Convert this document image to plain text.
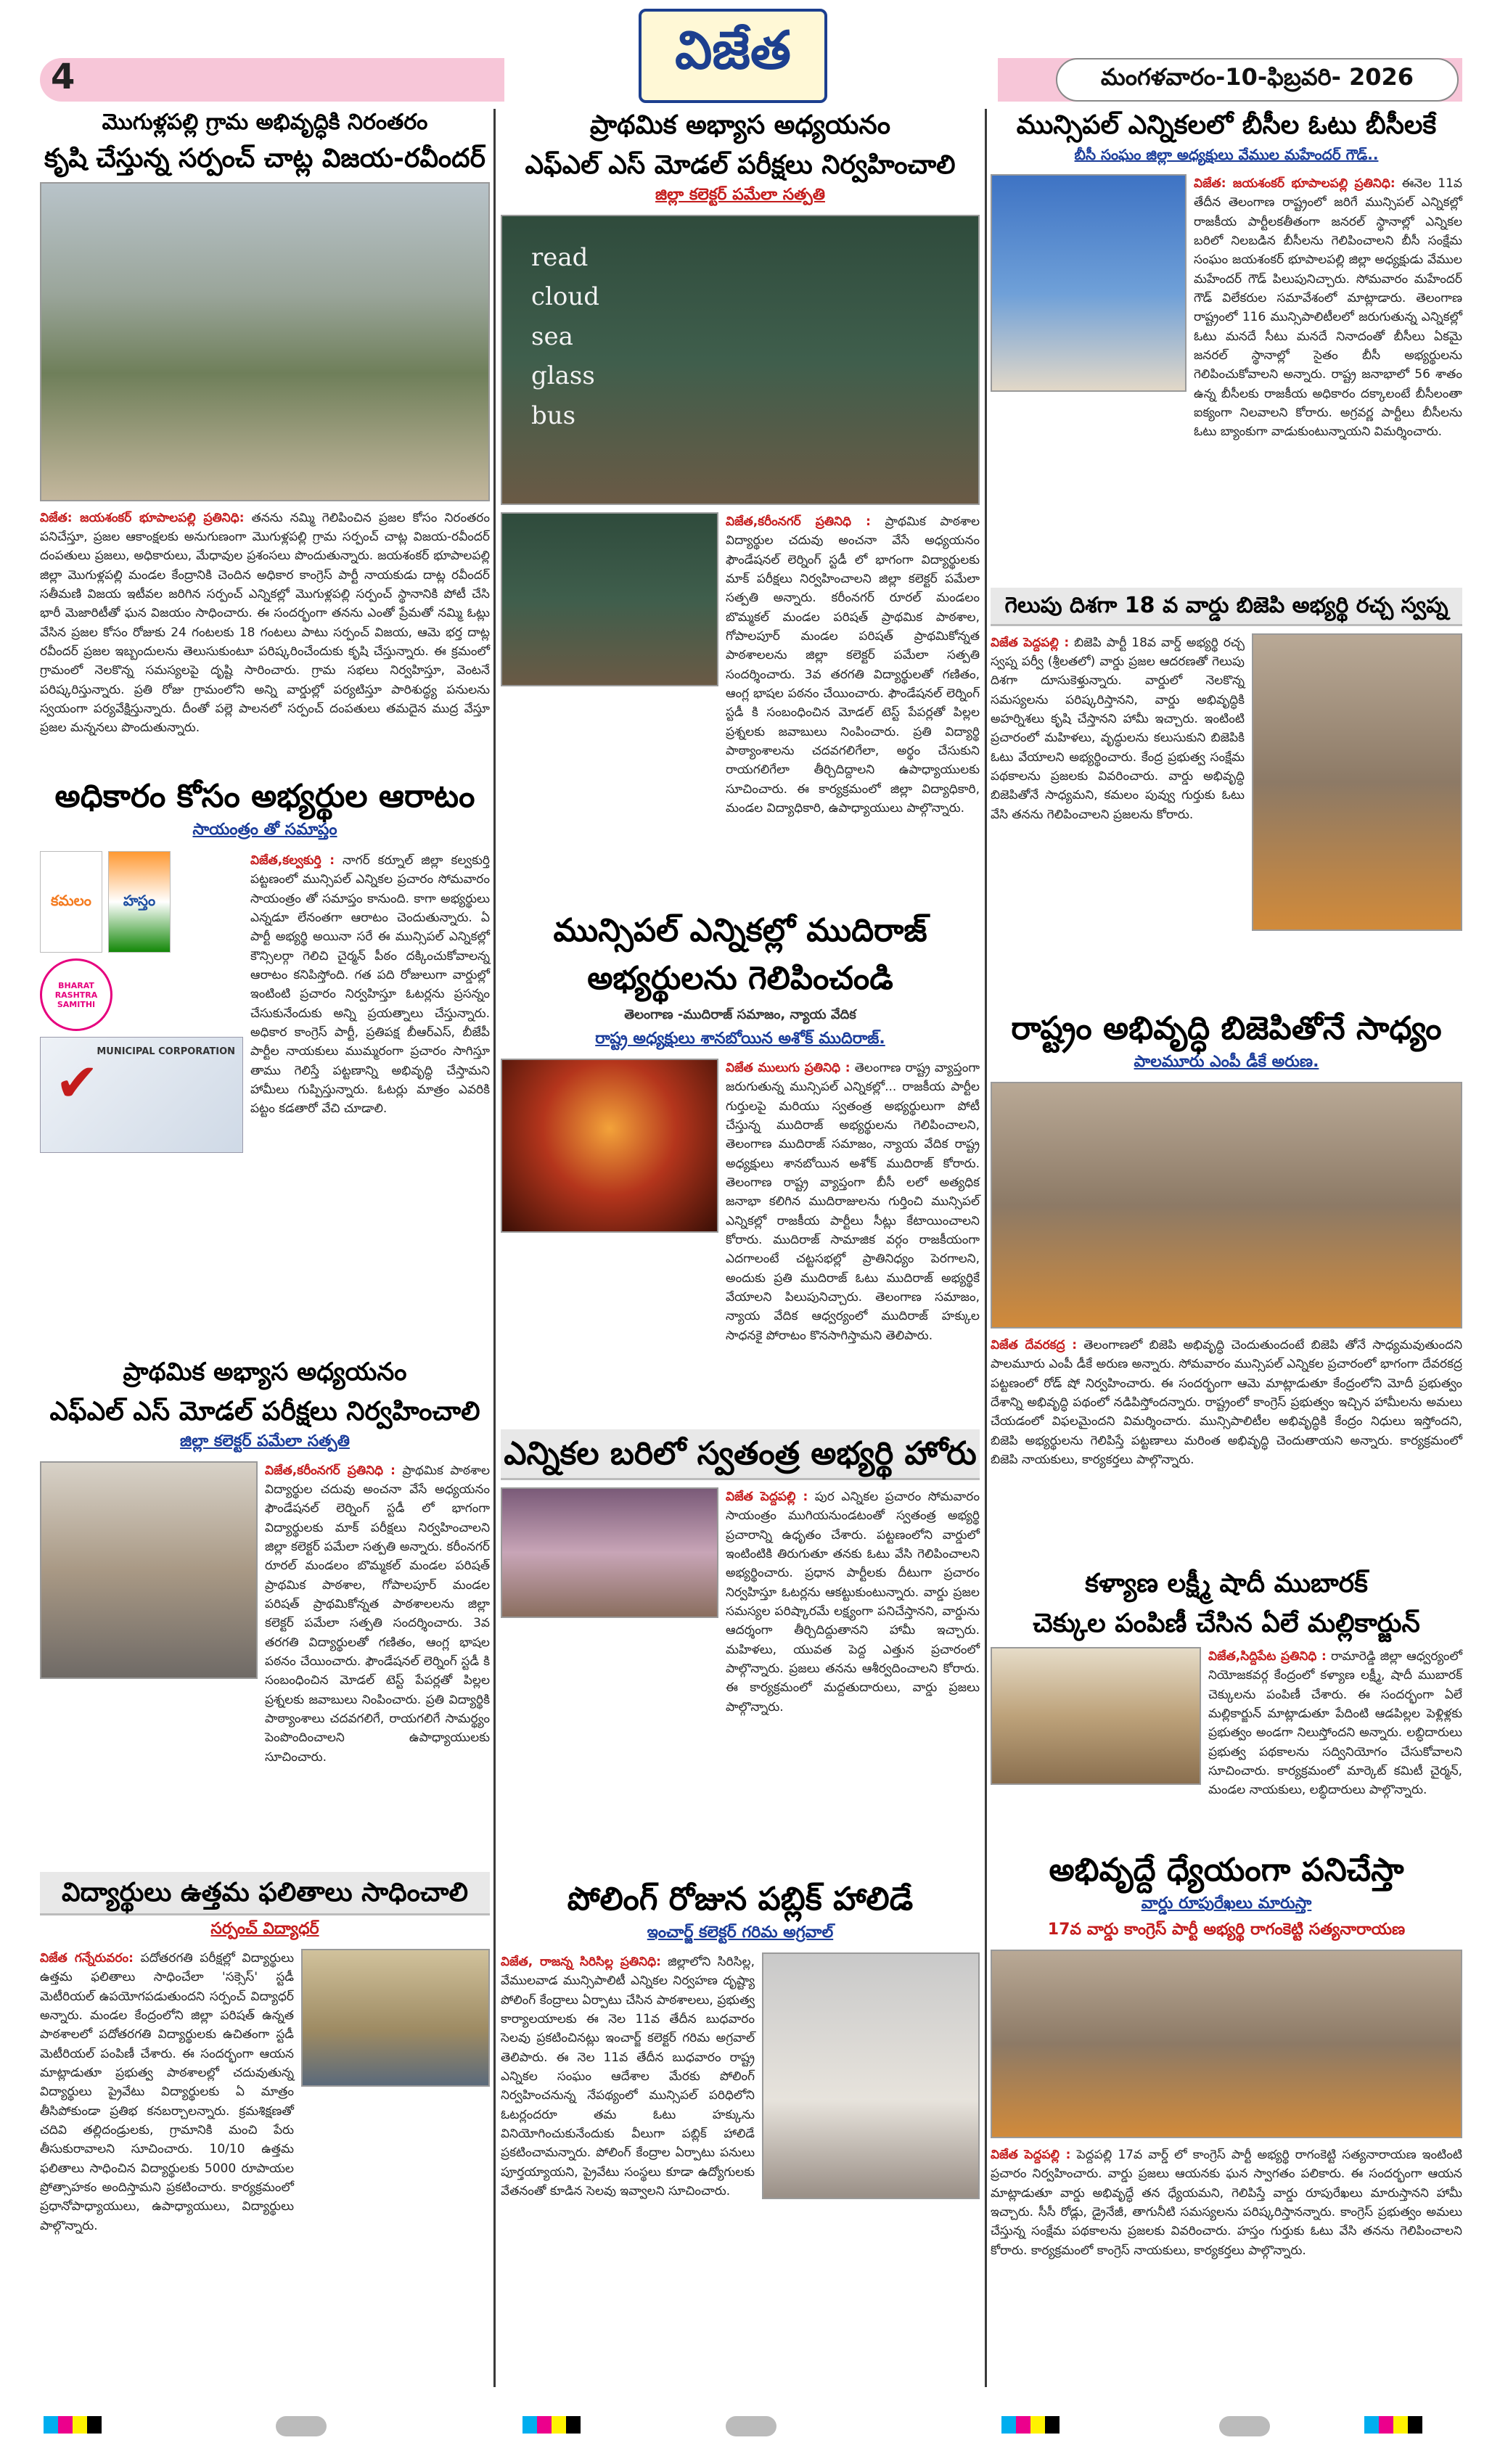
4	విజేత	మంగళవారం-10-ఫిబ్రవరి- 2026
మొగుళ్లపల్లి గ్రామ అభివృద్ధికి నిరంతరం
కృషి చేస్తున్న సర్పంచ్ చాట్ల విజయ-రవీందర్
విజేత: జయశంకర్ భూపాలపల్లి ప్రతినిధి: తనను నమ్మి గెలిపించిన ప్రజల కోసం నిరంతరం పనిచేస్తూ, ప్రజల ఆకాంక్షలకు అనుగుణంగా మొగుళ్లపల్లి గ్రామ సర్పంచ్ చాట్ల విజయ-రవీందర్ దంపతులు ప్రజలు, అధికారులు, మేధావుల ప్రశంసలు పొందుతున్నారు. జయశంకర్ భూపాలపల్లి జిల్లా మొగుళ్లపల్లి మండల కేంద్రానికి చెందిన అధికార కాంగ్రెస్ పార్టీ నాయకుడు దాట్ల రవీందర్ సతీమణి విజయ ఇటీవల జరిగిన సర్పంచ్ ఎన్నికల్లో మొగుళ్లపల్లి సర్పంచ్ స్థానానికి పోటీ చేసి భారీ మెజారిటీతో ఘన విజయం సాధించారు. ఈ సందర్భంగా తనను ఎంతో ప్రేమతో నమ్మి ఓట్లు వేసిన ప్రజల కోసం రోజుకు 24 గంటలకు 18 గంటలు పాటు సర్పంచ్ విజయ, ఆమె భర్త దాట్ల రవీందర్ ప్రజల ఇబ్బందులను తెలుసుకుంటూ పరిష్కరించేందుకు కృషి చేస్తున్నారు. ఈ క్రమంలో గ్రామంలో నెలకొన్న సమస్యలపై దృష్టి సారించారు. గ్రామ సభలు నిర్వహిస్తూ, వెంటనే పరిష్కరిస్తున్నారు. ప్రతి రోజు గ్రామంలోని అన్ని వార్డుల్లో పర్యటిస్తూ పారిశుద్ధ్య పనులను స్వయంగా పర్యవేక్షిస్తున్నారు. దీంతో పల్లె పాలనలో సర్పంచ్ దంపతులు తమదైన ముద్ర వేస్తూ ప్రజల మన్ననలు పొందుతున్నారు.
అధికారం కోసం అభ్యర్థుల ఆరాటం
సాయంత్రం తో సమాప్తం
కమలం	హస్తం
BHARAT RASHTRA SAMITHI
✔
MUNICIPAL CORPORATION
విజేత,కల్వకుర్తి : నాగర్ కర్నూల్ జిల్లా కల్వకుర్తి పట్టణంలో మున్సిపల్ ఎన్నికల ప్రచారం సోమవారం సాయంత్రం తో సమాప్తం కానుంది. కాగా అభ్యర్థులు ఎన్నడూ లేనంతగా ఆరాటం చెందుతున్నారు. ఏ పార్టీ అభ్యర్థి అయినా సరే ఈ మున్సిపల్ ఎన్నికల్లో కౌన్సిలర్గా గెలిచి చైర్మన్ పీఠం దక్కించుకోవాలన్న ఆరాటం కనిపిస్తోంది. గత పది రోజులుగా వార్డుల్లో ఇంటింటి ప్రచారం నిర్వహిస్తూ ఓటర్లను ప్రసన్నం చేసుకునేందుకు అన్ని ప్రయత్నాలు చేస్తున్నారు. అధికార కాంగ్రెస్ పార్టీ, ప్రతిపక్ష బీఆర్ఎస్, బీజేపీ పార్టీల నాయకులు ముమ్మరంగా ప్రచారం సాగిస్తూ తాము గెలిస్తే పట్టణాన్ని అభివృద్ధి చేస్తామని హామీలు గుప్పిస్తున్నారు. ఓటర్లు మాత్రం ఎవరికి పట్టం కడతారో వేచి చూడాలి.
ప్రాథమిక అభ్యాస అధ్యయనం
ఎఫ్ఎల్ ఎస్ మోడల్ పరీక్షలు నిర్వహించాలి
జిల్లా కలెక్టర్ పమేలా సత్పతి
విజేత,కరీంనగర్ ప్రతినిధి : ప్రాథమిక పాఠశాల విద్యార్థుల చదువు అంచనా వేసే అధ్యయనం ఫౌండేషనల్ లెర్నింగ్ స్టడీ లో భాగంగా విద్యార్థులకు మాక్ పరీక్షలు నిర్వహించాలని జిల్లా కలెక్టర్ పమేలా సత్పతి అన్నారు. కరీంనగర్ రూరల్ మండలం బొమ్మకల్ మండల పరిషత్ ప్రాథమిక పాఠశాల, గోపాలపూర్ మండల పరిషత్ ప్రాథమికోన్నత పాఠశాలలను జిల్లా కలెక్టర్ పమేలా సత్పతి సందర్శించారు. 3వ తరగతి విద్యార్థులతో గణితం, ఆంగ్ల భాషల పఠనం చేయించారు. ఫౌండేషనల్ లెర్నింగ్ స్టడీ కి సంబంధించిన మోడల్ టెస్ట్ పేపర్లతో పిల్లల ప్రశ్నలకు జవాబులు నింపించారు. ప్రతి విద్యార్థికి పాఠ్యాంశాలు చదవగలిగే, రాయగలిగే సామర్థ్యం పెంపొందించాలని ఉపాధ్యాయులకు సూచించారు.
విద్యార్థులు ఉత్తమ ఫలితాలు సాధించాలి
సర్పంచ్ విద్యాధర్
విజేత గన్నేరువరం: పదోతరగతి పరీక్షల్లో విద్యార్థులు ఉత్తమ ఫలితాలు సాధించేలా 'సక్సెస్' స్టడీ మెటీరియల్ ఉపయోగపడుతుందని సర్పంచ్ విద్యాధర్ అన్నారు. మండల కేంద్రంలోని జిల్లా పరిషత్ ఉన్నత పాఠశాలలో పదోతరగతి విద్యార్థులకు ఉచితంగా స్టడీ మెటీరియల్ పంపిణీ చేశారు. ఈ సందర్భంగా ఆయన మాట్లాడుతూ ప్రభుత్వ పాఠశాలల్లో చదువుతున్న విద్యార్థులు ప్రైవేటు విద్యార్థులకు ఏ మాత్రం తీసిపోకుండా ప్రతిభ కనబర్చాలన్నారు. క్రమశిక్షణతో చదివి తల్లిదండ్రులకు, గ్రామానికి మంచి పేరు తీసుకురావాలని సూచించారు. 10/10 ఉత్తమ ఫలితాలు సాధించిన విద్యార్థులకు 5000 రూపాయల ప్రోత్సాహకం అందిస్తామని ప్రకటించారు. కార్యక్రమంలో ప్రధానోపాధ్యాయులు, ఉపాధ్యాయులు, విద్యార్థులు పాల్గొన్నారు.
ప్రాథమిక అభ్యాస అధ్యయనం
ఎఫ్ఎల్ ఎస్ మోడల్ పరీక్షలు నిర్వహించాలి
జిల్లా కలెక్టర్ పమేలా సత్పతి
read
cloud
sea
glass
bus
విజేత,కరీంనగర్ ప్రతినిధి : ప్రాథమిక పాఠశాల విద్యార్థుల చదువు అంచనా వేసే అధ్యయనం ఫౌండేషనల్ లెర్నింగ్ స్టడీ లో భాగంగా విద్యార్థులకు మాక్ పరీక్షలు నిర్వహించాలని జిల్లా కలెక్టర్ పమేలా సత్పతి అన్నారు. కరీంనగర్ రూరల్ మండలం బొమ్మకల్ మండల పరిషత్ ప్రాథమిక పాఠశాల, గోపాలపూర్ మండల పరిషత్ ప్రాథమికోన్నత పాఠశాలలను జిల్లా కలెక్టర్ పమేలా సత్పతి సందర్శించారు. 3వ తరగతి విద్యార్థులతో గణితం, ఆంగ్ల భాషల పఠనం చేయించారు. ఫౌండేషనల్ లెర్నింగ్ స్టడీ కి సంబంధించిన మోడల్ టెస్ట్ పేపర్లతో పిల్లల ప్రశ్నలకు జవాబులు నింపించారు. ప్రతి విద్యార్థి పాఠ్యాంశాలను చదవగలిగేలా, అర్థం చేసుకుని రాయగలిగేలా తీర్చిదిద్దాలని ఉపాధ్యాయులకు సూచించారు. ఈ కార్యక్రమంలో జిల్లా విద్యాధికారి, మండల విద్యాధికారి, ఉపాధ్యాయులు పాల్గొన్నారు.
మున్సిపల్ ఎన్నికల్లో ముదిరాజ్ అభ్యర్థులను గెలిపించండి
తెలంగాణ -ముదిరాజ్ సమాజం, న్యాయ వేదిక
రాష్ట్ర అధ్యక్షులు శానబోయిన అశోక్ ముదిరాజ్.
విజేత ములుగు ప్రతినిధి : తెలంగాణ రాష్ట్ర వ్యాప్తంగా జరుగుతున్న మున్సిపల్ ఎన్నికల్లో... రాజకీయ పార్టీల గుర్తులపై మరియు స్వతంత్ర అభ్యర్థులుగా పోటీ చేస్తున్న ముదిరాజ్ అభ్యర్థులను గెలిపించాలని, తెలంగాణ ముదిరాజ్ సమాజం, న్యాయ వేదిక రాష్ట్ర అధ్యక్షులు శానబోయిన అశోక్ ముదిరాజ్ కోరారు. తెలంగాణ రాష్ట్ర వ్యాప్తంగా బీసీ లలో అత్యధిక జనాభా కలిగిన ముదిరాజులను గుర్తించి మున్సిపల్ ఎన్నికల్లో రాజకీయ పార్టీలు సీట్లు కేటాయించాలని కోరారు. ముదిరాజ్ సామాజిక వర్గం రాజకీయంగా ఎదగాలంటే చట్టసభల్లో ప్రాతినిధ్యం పెరగాలని, అందుకు ప్రతి ముదిరాజ్ ఓటు ముదిరాజ్ అభ్యర్థికే వేయాలని పిలుపునిచ్చారు. తెలంగాణ సమాజం, న్యాయ వేదిక ఆధ్వర్యంలో ముదిరాజ్ హక్కుల సాధనకై పోరాటం కొనసాగిస్తామని తెలిపారు.
ఎన్నికల బరిలో స్వతంత్ర అభ్యర్థి హోరు
విజేత పెద్దపల్లి : పుర ఎన్నికల ప్రచారం సోమవారం సాయంత్రం ముగియనుండటంతో స్వతంత్ర అభ్యర్థి ప్రచారాన్ని ఉధృతం చేశారు. పట్టణంలోని వార్డులో ఇంటింటికి తిరుగుతూ తనకు ఓటు వేసి గెలిపించాలని అభ్యర్థించారు. ప్రధాన పార్టీలకు దీటుగా ప్రచారం నిర్వహిస్తూ ఓటర్లను ఆకట్టుకుంటున్నారు. వార్డు ప్రజల సమస్యల పరిష్కారమే లక్ష్యంగా పనిచేస్తానని, వార్డును ఆదర్శంగా తీర్చిదిద్దుతానని హామీ ఇచ్చారు. మహిళలు, యువత పెద్ద ఎత్తున ప్రచారంలో పాల్గొన్నారు. ప్రజలు తనను ఆశీర్వదించాలని కోరారు. ఈ కార్యక్రమంలో మద్దతుదారులు, వార్డు ప్రజలు పాల్గొన్నారు.
పోలింగ్ రోజున పబ్లిక్ హాలిడే
ఇంచార్జ్ కలెక్టర్ గరిమ అగ్రవాల్
విజేత, రాజన్న సిరిసిల్ల ప్రతినిధి: జిల్లాలోని సిరిసిల్ల, వేములవాడ మున్సిపాలిటీ ఎన్నికల నిర్వహణ దృష్ట్యా పోలింగ్ కేంద్రాలు ఏర్పాటు చేసిన పాఠశాలలు, ప్రభుత్వ కార్యాలయాలకు ఈ నెల 11వ తేదీన బుధవారం సెలవు ప్రకటించినట్లు ఇంచార్జ్ కలెక్టర్ గరిమ అగ్రవాల్ తెలిపారు. ఈ నెల 11వ తేదీన బుధవారం రాష్ట్ర ఎన్నికల సంఘం ఆదేశాల మేరకు పోలింగ్ నిర్వహించనున్న నేపథ్యంలో మున్సిపల్ పరిధిలోని ఓటర్లందరూ తమ ఓటు హక్కును వినియోగించుకునేందుకు వీలుగా పబ్లిక్ హాలిడే ప్రకటించామన్నారు. పోలింగ్ కేంద్రాల ఏర్పాటు పనులు పూర్తయ్యాయని, ప్రైవేటు సంస్థలు కూడా ఉద్యోగులకు వేతనంతో కూడిన సెలవు ఇవ్వాలని సూచించారు.
మున్సిపల్ ఎన్నికలలో బీసీల ఓటు బీసీలకే
బీసీ సంఘం జిల్లా అధ్యక్షులు వేముల మహేందర్ గౌడ్..
విజేత: జయశంకర్ భూపాలపల్లి ప్రతినిధి: ఈనెల 11వ తేదీన తెలంగాణ రాష్ట్రంలో జరిగే మున్సిపల్ ఎన్నికల్లో రాజకీయ పార్టీలకతీతంగా జనరల్ స్థానాల్లో ఎన్నికల బరిలో నిలబడిన బీసీలను గెలిపించాలని బీసీ సంక్షేమ సంఘం జయశంకర్ భూపాలపల్లి జిల్లా అధ్యక్షుడు వేముల మహేందర్ గౌడ్ పిలుపునిచ్చారు. సోమవారం మహేందర్ గౌడ్ విలేకరుల సమావేశంలో మాట్లాడారు. తెలంగాణ రాష్ట్రంలో 116 మున్సిపాలిటీలలో జరుగుతున్న ఎన్నికల్లో ఓటు మనదే సీటు మనదే నినాదంతో బీసీలు ఏకమై జనరల్ స్థానాల్లో సైతం బీసీ అభ్యర్థులను గెలిపించుకోవాలని అన్నారు. రాష్ట్ర జనాభాలో 56 శాతం ఉన్న బీసీలకు రాజకీయ అధికారం దక్కాలంటే బీసీలంతా ఐక్యంగా నిలవాలని కోరారు. అగ్రవర్ణ పార్టీలు బీసీలను ఓటు బ్యాంకుగా వాడుకుంటున్నాయని విమర్శించారు.
గెలుపు దిశగా 18 వ వార్డు బిజెపి అభ్యర్థి రచ్చ స్వప్న
విజేత పెద్దపల్లి : బిజెపి పార్టీ 18వ వార్డ్ అభ్యర్థి రచ్చ స్వప్న పర్వీ (శ్రీలతలో) వార్డు ప్రజల ఆదరణతో గెలుపు దిశగా దూసుకెళ్తున్నారు. వార్డులో నెలకొన్న సమస్యలను పరిష్కరిస్తానని, వార్డు అభివృద్ధికి అహర్నిశలు కృషి చేస్తానని హామీ ఇచ్చారు. ఇంటింటి ప్రచారంలో మహిళలు, వృద్ధులను కలుసుకుని బిజెపికి ఓటు వేయాలని అభ్యర్థించారు. కేంద్ర ప్రభుత్వ సంక్షేమ పథకాలను ప్రజలకు వివరించారు. వార్డు అభివృద్ధి బిజెపితోనే సాధ్యమని, కమలం పువ్వు గుర్తుకు ఓటు వేసి తనను గెలిపించాలని ప్రజలను కోరారు.
రాష్ట్రం అభివృద్ధి బిజెపితోనే సాధ్యం
పాలమూరు ఎంపీ డీకే అరుణ.
విజేత దేవరకద్ర : తెలంగాణలో బిజెపి అభివృద్ధి చెందుతుందంటే బిజెపి తోనే సాధ్యమవుతుందని పాలమూరు ఎంపీ డీకే అరుణ అన్నారు. సోమవారం మున్సిపల్ ఎన్నికల ప్రచారంలో భాగంగా దేవరకద్ర పట్టణంలో రోడ్ షో నిర్వహించారు. ఈ సందర్భంగా ఆమె మాట్లాడుతూ కేంద్రంలోని మోదీ ప్రభుత్వం దేశాన్ని అభివృద్ధి పథంలో నడిపిస్తోందన్నారు. రాష్ట్రంలో కాంగ్రెస్ ప్రభుత్వం ఇచ్చిన హామీలను అమలు చేయడంలో విఫలమైందని విమర్శించారు. మున్సిపాలిటీల అభివృద్ధికి కేంద్రం నిధులు ఇస్తోందని, బిజెపి అభ్యర్థులను గెలిపిస్తే పట్టణాలు మరింత అభివృద్ధి చెందుతాయని అన్నారు. కార్యక్రమంలో బిజెపి నాయకులు, కార్యకర్తలు పాల్గొన్నారు.
కళ్యాణ లక్ష్మీ షాదీ ముబారక్
చెక్కుల పంపిణీ చేసిన ఏలే మల్లికార్జున్
విజేత,సిద్దిపేట ప్రతినిధి : రామారెడ్డి జిల్లా ఆధ్వర్యంలో నియోజకవర్గ కేంద్రంలో కళ్యాణ లక్ష్మీ, షాదీ ముబారక్ చెక్కులను పంపిణీ చేశారు. ఈ సందర్భంగా ఏలే మల్లికార్జున్ మాట్లాడుతూ పేదింటి ఆడపిల్లల పెళ్లిళ్లకు ప్రభుత్వం అండగా నిలుస్తోందని అన్నారు. లబ్ధిదారులు ప్రభుత్వ పథకాలను సద్వినియోగం చేసుకోవాలని సూచించారు. కార్యక్రమంలో మార్కెట్ కమిటీ చైర్మన్, మండల నాయకులు, లబ్ధిదారులు పాల్గొన్నారు.
అభివృద్దే ధ్యేయంగా పనిచేస్తా
వార్డు రూపురేఖలు మారుస్తా
17వ వార్డు కాంగ్రెస్ పార్టీ అభ్యర్థి రాగంకెట్టి సత్యనారాయణ
విజేత పెద్దపల్లి : పెద్దపల్లి 17వ వార్డ్ లో కాంగ్రెస్ పార్టీ అభ్యర్థి రాగంకెట్టి సత్యనారాయణ ఇంటింటి ప్రచారం నిర్వహించారు. వార్డు ప్రజలు ఆయనకు ఘన స్వాగతం పలికారు. ఈ సందర్భంగా ఆయన మాట్లాడుతూ వార్డు అభివృద్ధే తన ధ్యేయమని, గెలిపిస్తే వార్డు రూపురేఖలు మారుస్తానని హామీ ఇచ్చారు. సీసీ రోడ్లు, డ్రైనేజీ, తాగునీటి సమస్యలను పరిష్కరిస్తానన్నారు. కాంగ్రెస్ ప్రభుత్వం అమలు చేస్తున్న సంక్షేమ పథకాలను ప్రజలకు వివరించారు. హస్తం గుర్తుకు ఓటు వేసి తనను గెలిపించాలని కోరారు. కార్యక్రమంలో కాంగ్రెస్ నాయకులు, కార్యకర్తలు పాల్గొన్నారు.
